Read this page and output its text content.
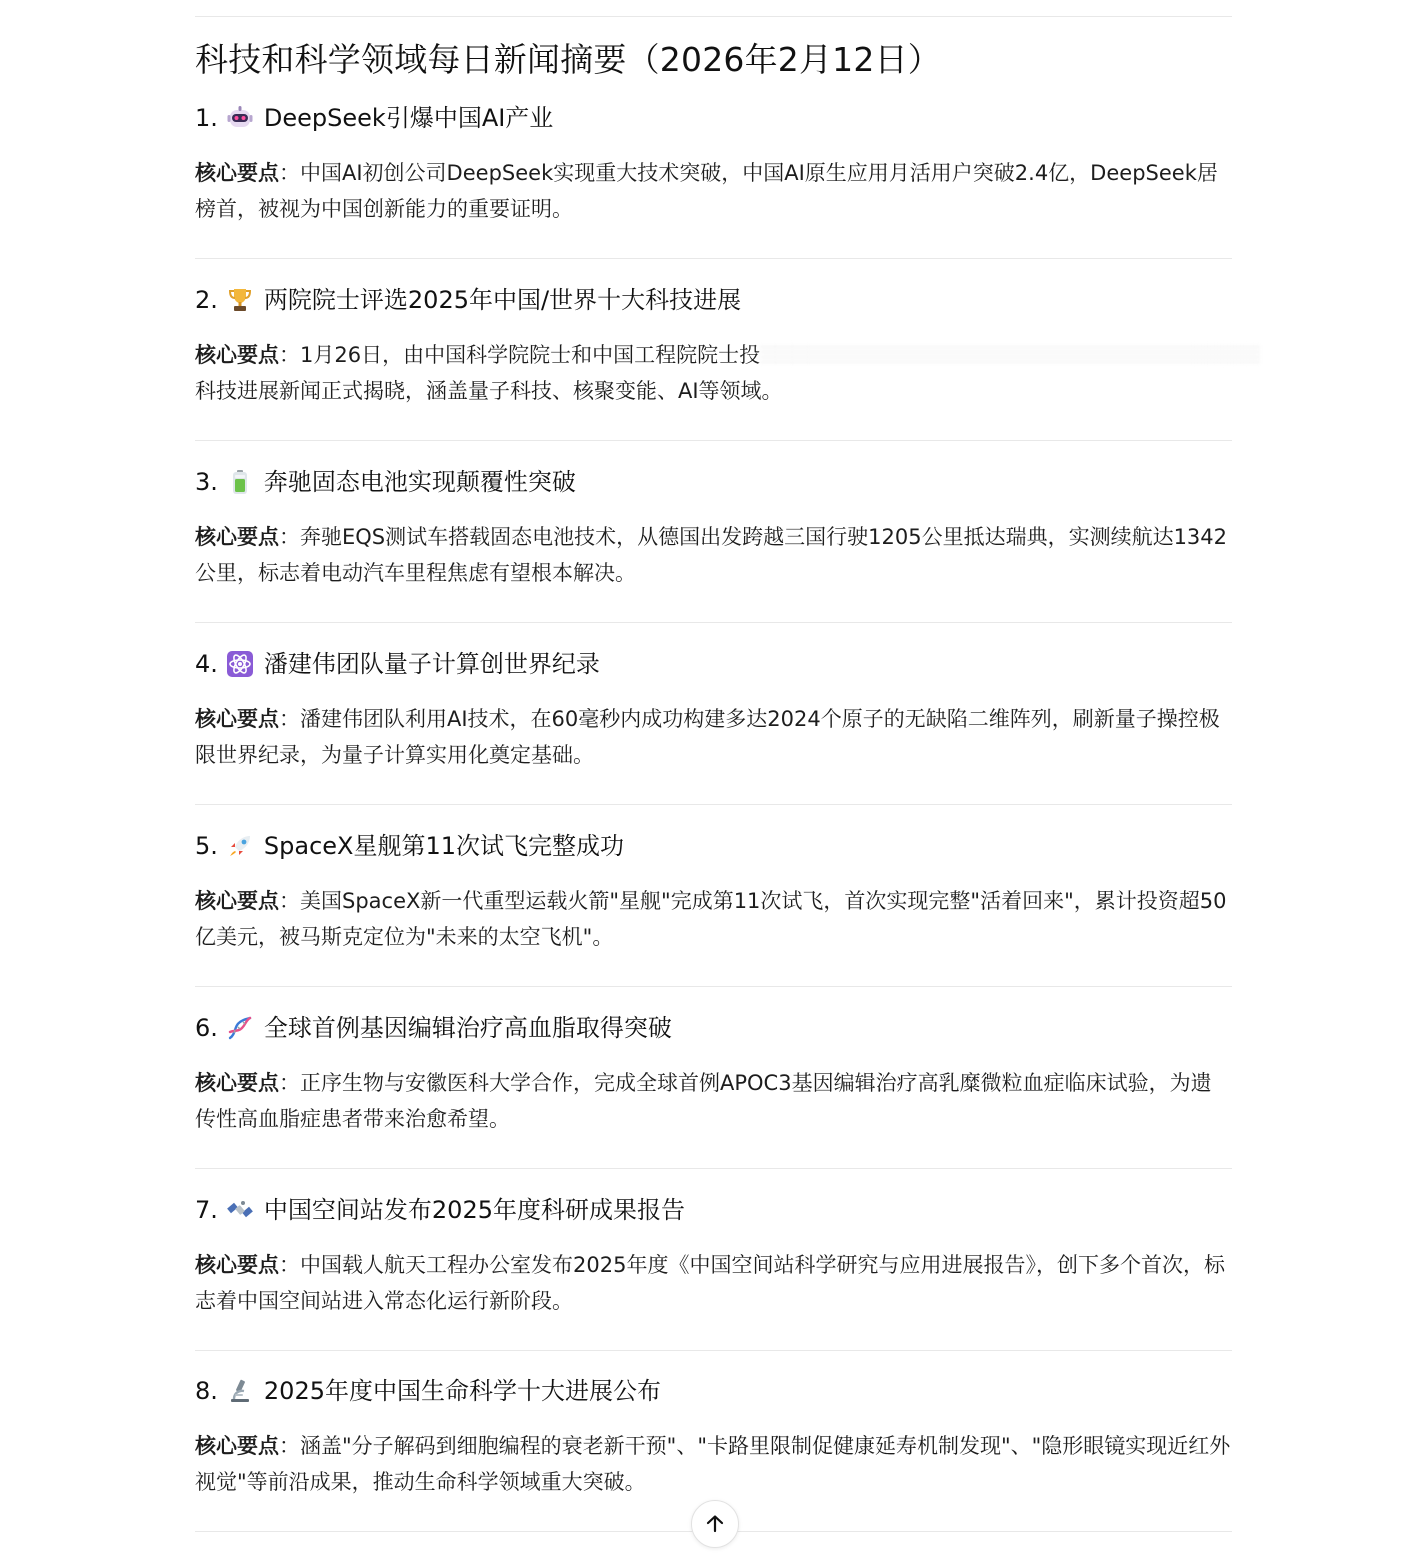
科技和科学领域每日新闻摘要（2026年2月12日）
1. DeepSeek引爆中国AI产业
核心要点：中国AI初创公司DeepSeek实现重大技术突破，中国AI原生应用月活用户突破2.4亿，DeepSeek居榜首，被视为中国创新能力的重要证明。
2. 两院院士评选2025年中国/世界十大科技进展
核心要点：1月26日，由中国科学院院士和中国工程院院士投
科技进展新闻正式揭晓，涵盖量子科技、核聚变能、AI等领域。
3. 奔驰固态电池实现颠覆性突破
核心要点：奔驰EQS测试车搭载固态电池技术，从德国出发跨越三国行驶1205公里抵达瑞典，实测续航达1342公里，标志着电动汽车里程焦虑有望根本解决。
4. 潘建伟团队量子计算创世界纪录
核心要点：潘建伟团队利用AI技术，在60毫秒内成功构建多达2024个原子的无缺陷二维阵列，刷新量子操控极限世界纪录，为量子计算实用化奠定基础。
5. SpaceX星舰第11次试飞完整成功
核心要点：美国SpaceX新一代重型运载火箭"星舰"完成第11次试飞，首次实现完整"活着回来"，累计投资超50亿美元，被马斯克定位为"未来的太空飞机"。
6. 全球首例基因编辑治疗高血脂取得突破
核心要点：正序生物与安徽医科大学合作，完成全球首例APOC3基因编辑治疗高乳糜微粒血症临床试验，为遗传性高血脂症患者带来治愈希望。
7. 中国空间站发布2025年度科研成果报告
核心要点：中国载人航天工程办公室发布2025年度《中国空间站科学研究与应用进展报告》，创下多个首次，标志着中国空间站进入常态化运行新阶段。
8. 2025年度中国生命科学十大进展公布
核心要点：涵盖"分子解码到细胞编程的衰老新干预"、"卡路里限制促健康延寿机制发现"、"隐形眼镜实现近红外视觉"等前沿成果，推动生命科学领域重大突破。
